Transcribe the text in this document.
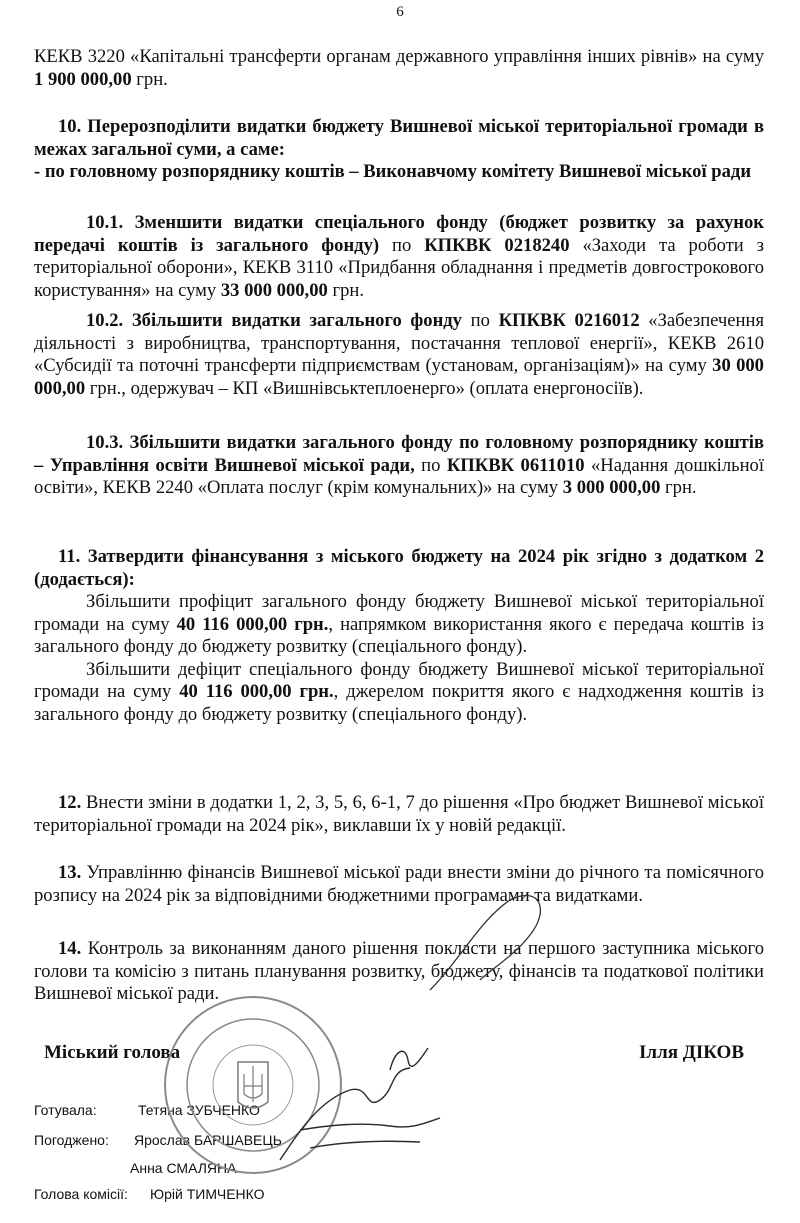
6

КЕКВ 3220 «Капітальні трансферти органам державного управління інших рівнів» на суму 1 900 000,00 грн.

10. Перерозподілити видатки бюджету Вишневої міської територіальної громади в межах загальної суми, а саме:

- по головному розпоряднику коштів – Виконавчому комітету Вишневої міської ради

10.1. Зменшити видатки спеціального фонду (бюджет розвитку за рахунок передачі коштів із загального фонду) по КПКВК 0218240 «Заходи та роботи з територіальної оборони», КЕКВ 3110 «Придбання обладнання і предметів довгострокового користування» на суму 33 000 000,00 грн.

10.2. Збільшити видатки загального фонду по КПКВК 0216012 «Забезпечення діяльності з виробництва, транспортування, постачання теплової енергії», КЕКВ 2610 «Субсидії та поточні трансферти підприємствам (установам, організаціям)» на суму 30 000 000,00 грн., одержувач – КП «Вишнівськтеплоенерго» (оплата енергоносіїв).

10.3. Збільшити видатки загального фонду по головному розпоряднику коштів – Управління освіти Вишневої міської ради, по КПКВК 0611010 «Надання дошкільної освіти», КЕКВ 2240 «Оплата послуг (крім комунальних)» на суму 3 000 000,00 грн.

11. Затвердити фінансування з міського бюджету на 2024 рік згідно з додатком 2 (додається):

Збільшити профіцит загального фонду бюджету Вишневої міської територіальної громади на суму 40 116 000,00 грн., напрямком використання якого є передача коштів із загального фонду до бюджету розвитку (спеціального фонду).

Збільшити дефіцит спеціального фонду бюджету Вишневої міської територіальної громади на суму 40 116 000,00 грн., джерелом покриття якого є надходження коштів із загального фонду до бюджету розвитку (спеціального фонду).

12. Внести зміни в додатки 1, 2, 3, 5, 6, 6-1, 7 до рішення «Про бюджет Вишневої міської територіальної громади на 2024 рік», виклавши їх у новій редакції.

13. Управлінню фінансів Вишневої міської ради внести зміни до річного та помісячного розпису на 2024 рік за відповідними бюджетними програмами та видатками.

14. Контроль за виконанням даного рішення покласти на першого заступника міського голови та комісію з питань планування розвитку, бюджету, фінансів та податкової політики Вишневої міської ради.

Міський голова	Ілля ДІКОВ
Готувала:	Тетяна ЗУБЧЕНКО
Погоджено: Ярослав БАРШАВЕЦЬ
Анна СМАЛЯНА
Голова комісії: Юрій ТИМЧЕНКО
